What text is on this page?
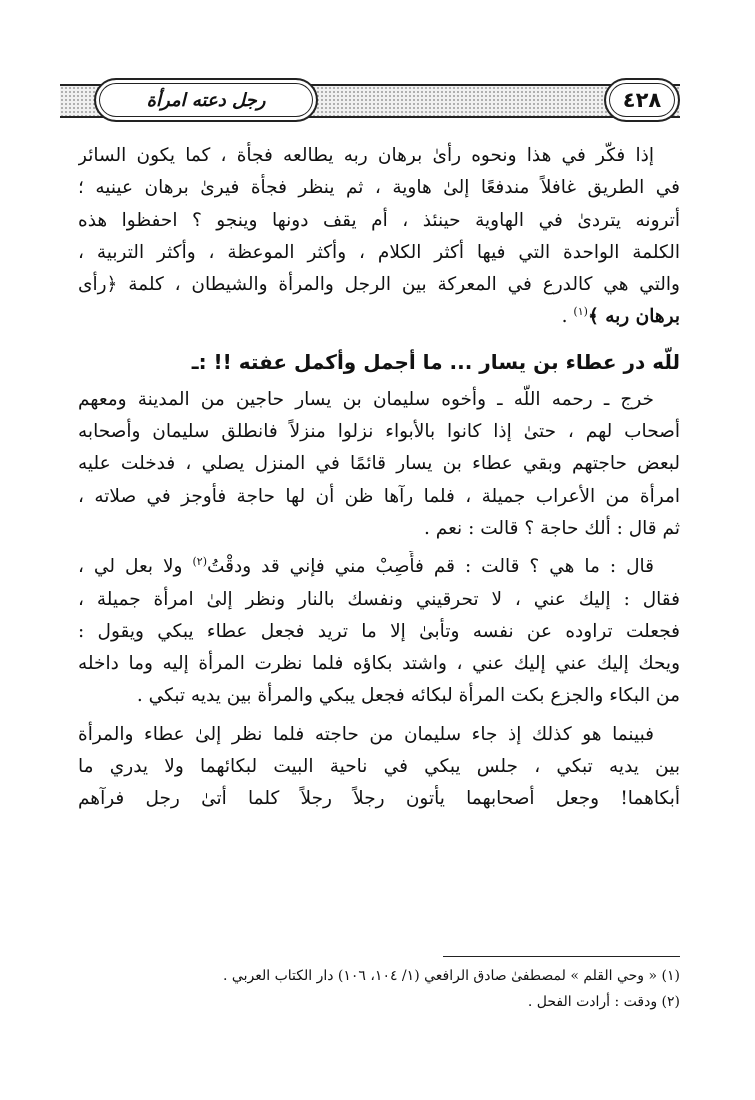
٤٢٨
رجل دعته امرأة
إذا فكّر في هذا ونحوه رأىٰ برهان ربه يطالعه فجأة ، كما يكون السائر
في الطريق غافلاً مندفعًا إلىٰ هاوية ، ثم ينظر فجأة فيرىٰ برهان عينيه ؛
أترونه يتردىٰ في الهاوية حينئذ ، أم يقف دونها وينجو ؟ احفظوا هذه
الكلمة الواحدة التي فيها أكثر الكلام ، وأكثر الموعظة ، وأكثر التربية ،
والتي هي كالدرع في المعركة بين الرجل والمرأة والشيطان ، كلمة ﴿رأى
برهان ربه ﴾$^{(١)}$ .
للّه در عطاء بن يسار ... ما أجمل وأكمل عفته !! :ـ
خرج ـ رحمه اللّه ـ وأخوه سليمان بن يسار حاجين من المدينة ومعهم
أصحاب لهم ، حتىٰ إذا كانوا بالأبواء نزلوا منزلاً فانطلق سليمان وأصحابه
لبعض حاجتهم وبقي عطاء بن يسار قائمًا في المنزل يصلي ، فدخلت عليه
امرأة من الأعراب جميلة ، فلما رآها ظن أن لها حاجة فأوجز في صلاته ،
ثم قال : ألك حاجة ؟ قالت : نعم .
قال : ما هي ؟ قالت : قم فأَصِبْ مني فإني قد ودقْتُ$^{(٢)}$ ولا بعل لي ،
فقال : إليك عني ، لا تحرقيني ونفسك بالنار ونظر إلىٰ امرأة جميلة ،
فجعلت تراوده عن نفسه وتأبىٰ إلا ما تريد فجعل عطاء يبكي ويقول :
ويحك إليك عني إليك عني ، واشتد بكاؤه فلما نظرت المرأة إليه وما داخله
من البكاء والجزع بكت المرأة لبكائه فجعل يبكي والمرأة بين يديه تبكي .
فبينما هو كذلك إذ جاء سليمان من حاجته فلما نظر إلىٰ عطاء والمرأة
بين يديه تبكي ، جلس يبكي في ناحية البيت لبكائهما ولا يدري ما
أبكاهما! وجعل أصحابهما يأتون رجلاً رجلاً كلما أتىٰ رجل فرآهم
(١) « وحي القلم » لمصطفىٰ صادق الرافعي (١/ ١٠٤، ١٠٦) دار الكتاب العربي .
(٢) ودقت : أرادت الفحل .
